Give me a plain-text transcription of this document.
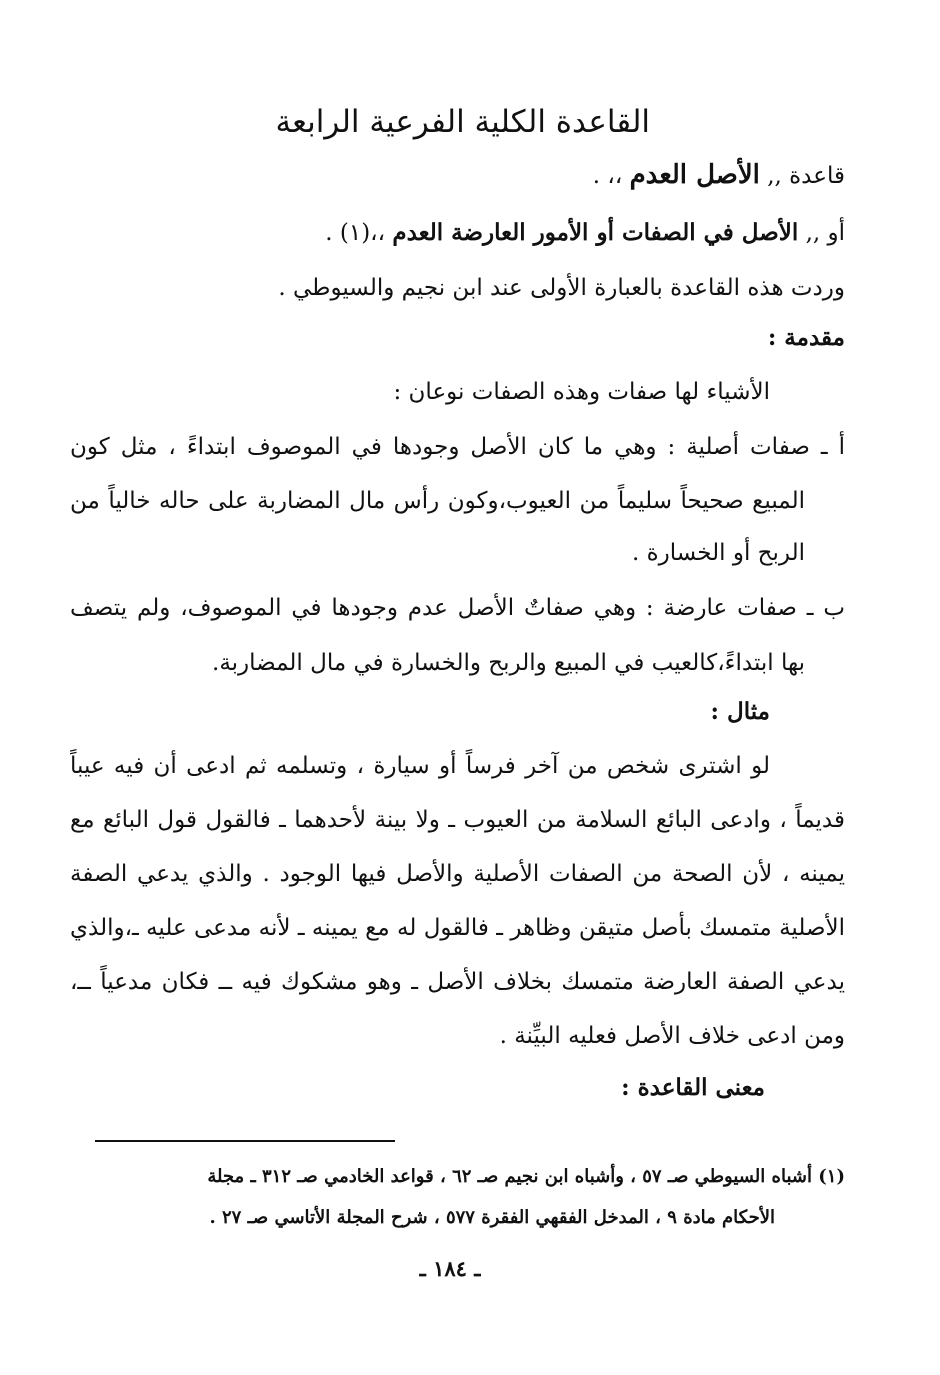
القاعدة الكلية الفرعية الرابعة
قاعدة ,, الأصل العدم ،، .
أو ,, الأصل في الصفات أو الأمور العارضة العدم ،،(١) .
وردت هذه القاعدة بالعبارة الأولى عند ابن نجيم والسيوطي .
مقدمة :
الأشياء لها صفات وهذه الصفات نوعان :
أ ـ صفات أصلية : وهي ما كان الأصل وجودها في الموصوف ابتداءً ، مثل كون
المبيع صحيحاً سليماً من العيوب،وكون رأس مال المضاربة على حاله خالياً من
الربح أو الخسارة .
ب ـ صفات عارضة : وهي صفاتٌ الأصل عدم وجودها في الموصوف، ولم يتصف
بها ابتداءً،كالعيب في المبيع والربح والخسارة في مال المضاربة.
مثال :
لو اشترى شخص من آخر فرساً أو سيارة ، وتسلمه ثم ادعى أن فيه عيباً
قديماً ، وادعى البائع السلامة من العيوب ـ ولا بينة لأحدهما ـ فالقول قول البائع مع
يمينه ، لأن الصحة من الصفات الأصلية والأصل فيها الوجود . والذي يدعي الصفة
الأصلية متمسك بأصل متيقن وظاهر ـ فالقول له مع يمينه ـ لأنه مدعى عليه ـ،والذي
يدعي الصفة العارضة متمسك بخلاف الأصل ـ وهو مشكوك فيه ــ فكان مدعياً ــ،
ومن ادعى خلاف الأصل فعليه البيِّنة .
معنى القاعدة :
(١) أشباه السيوطي صـ ٥٧ ، وأشباه ابن نجيم صـ ٦٢ ، قواعد الخادمي صـ ٣١٢ ـ مجلة
الأحكام مادة ٩ ، المدخل الفقهي الفقرة ٥٧٧ ، شرح المجلة الأتاسي صـ ٢٧ .
ـ ١٨٤ ـ
